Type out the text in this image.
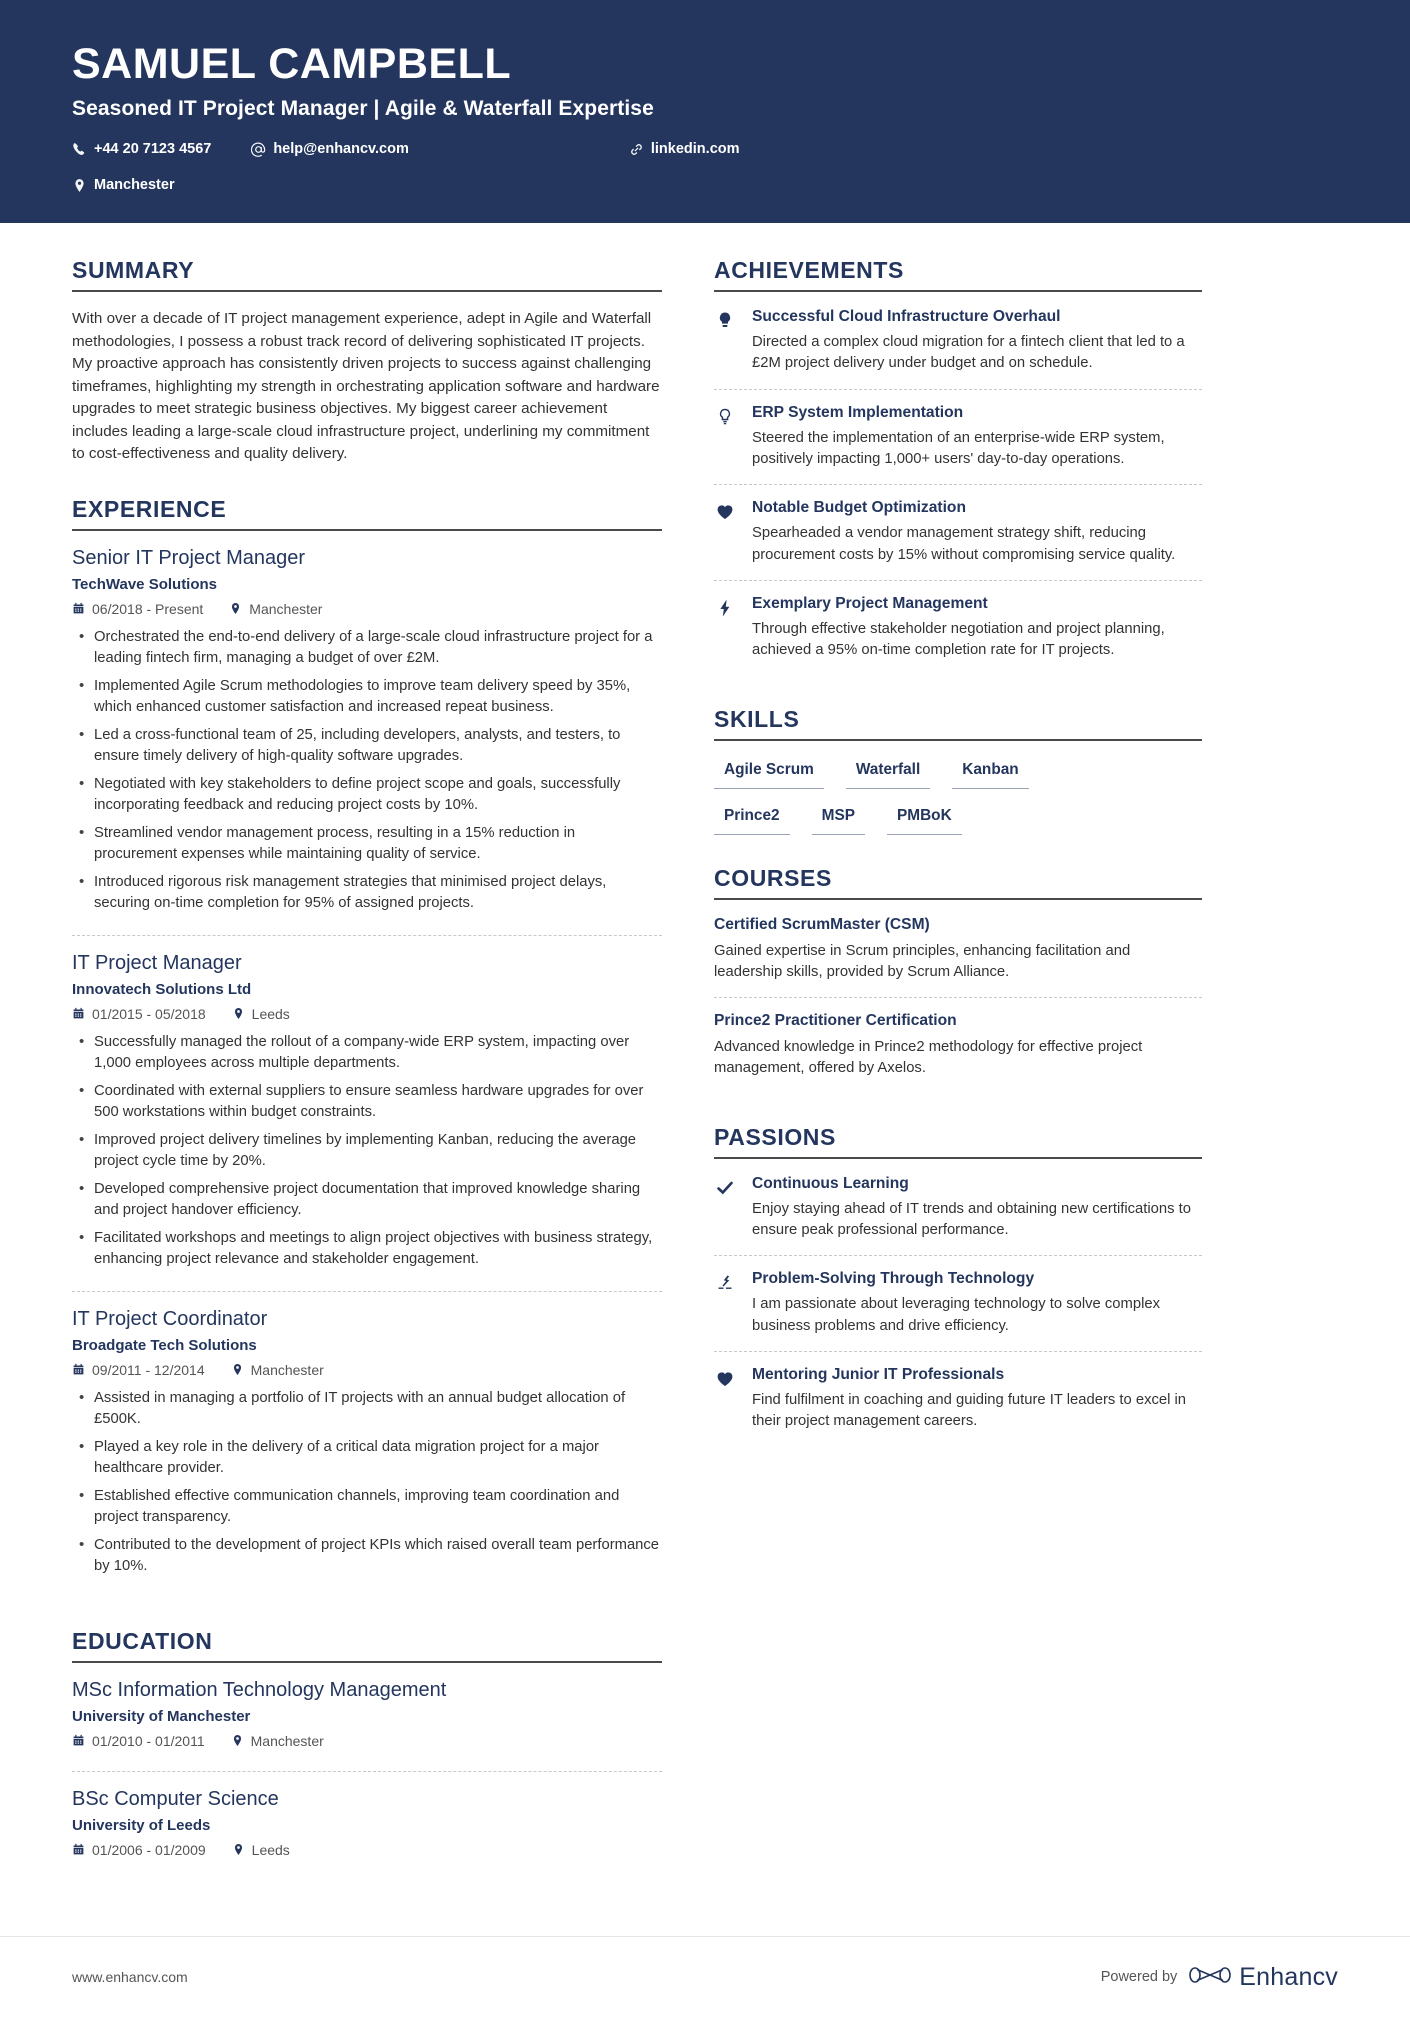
SAMUEL CAMPBELL
Seasoned IT Project Manager | Agile & Waterfall Expertise
+44 20 7123 4567	help@enhancv.com	linkedin.com
Manchester
SUMMARY
With over a decade of IT project management experience, adept in Agile and Waterfall methodologies, I possess a robust track record of delivering sophisticated IT projects. My proactive approach has consistently driven projects to success against challenging timeframes, highlighting my strength in orchestrating application software and hardware upgrades to meet strategic business objectives. My biggest career achievement includes leading a large-scale cloud infrastructure project, underlining my commitment to cost-effectiveness and quality delivery.
EXPERIENCE
Senior IT Project Manager
TechWave Solutions
06/2018 - Present	Manchester
• Orchestrated the end-to-end delivery of a large-scale cloud infrastructure project for a leading fintech firm, managing a budget of over £2M.
• Implemented Agile Scrum methodologies to improve team delivery speed by 35%, which enhanced customer satisfaction and increased repeat business.
• Led a cross-functional team of 25, including developers, analysts, and testers, to ensure timely delivery of high-quality software upgrades.
• Negotiated with key stakeholders to define project scope and goals, successfully incorporating feedback and reducing project costs by 10%.
• Streamlined vendor management process, resulting in a 15% reduction in procurement expenses while maintaining quality of service.
• Introduced rigorous risk management strategies that minimised project delays, securing on-time completion for 95% of assigned projects.
IT Project Manager
Innovatech Solutions Ltd
01/2015 - 05/2018	Leeds
• Successfully managed the rollout of a company-wide ERP system, impacting over 1,000 employees across multiple departments.
• Coordinated with external suppliers to ensure seamless hardware upgrades for over 500 workstations within budget constraints.
• Improved project delivery timelines by implementing Kanban, reducing the average project cycle time by 20%.
• Developed comprehensive project documentation that improved knowledge sharing and project handover efficiency.
• Facilitated workshops and meetings to align project objectives with business strategy, enhancing project relevance and stakeholder engagement.
IT Project Coordinator
Broadgate Tech Solutions
09/2011 - 12/2014	Manchester
• Assisted in managing a portfolio of IT projects with an annual budget allocation of £500K.
• Played a key role in the delivery of a critical data migration project for a major healthcare provider.
• Established effective communication channels, improving team coordination and project transparency.
• Contributed to the development of project KPIs which raised overall team performance by 10%.
EDUCATION
MSc Information Technology Management
University of Manchester
01/2010 - 01/2011	Manchester
BSc Computer Science
University of Leeds
01/2006 - 01/2009	Leeds
ACHIEVEMENTS
Successful Cloud Infrastructure Overhaul
Directed a complex cloud migration for a fintech client that led to a £2M project delivery under budget and on schedule.
ERP System Implementation
Steered the implementation of an enterprise-wide ERP system, positively impacting 1,000+ users' day-to-day operations.
Notable Budget Optimization
Spearheaded a vendor management strategy shift, reducing procurement costs by 15% without compromising service quality.
Exemplary Project Management
Through effective stakeholder negotiation and project planning, achieved a 95% on-time completion rate for IT projects.
SKILLS
Agile Scrum	Waterfall	Kanban
Prince2	MSP	PMBoK
COURSES
Certified ScrumMaster (CSM)
Gained expertise in Scrum principles, enhancing facilitation and leadership skills, provided by Scrum Alliance.
Prince2 Practitioner Certification
Advanced knowledge in Prince2 methodology for effective project management, offered by Axelos.
PASSIONS
Continuous Learning
Enjoy staying ahead of IT trends and obtaining new certifications to ensure peak professional performance.
Problem-Solving Through Technology
I am passionate about leveraging technology to solve complex business problems and drive efficiency.
Mentoring Junior IT Professionals
Find fulfilment in coaching and guiding future IT leaders to excel in their project management careers.
www.enhancv.com	Powered by Enhancv
